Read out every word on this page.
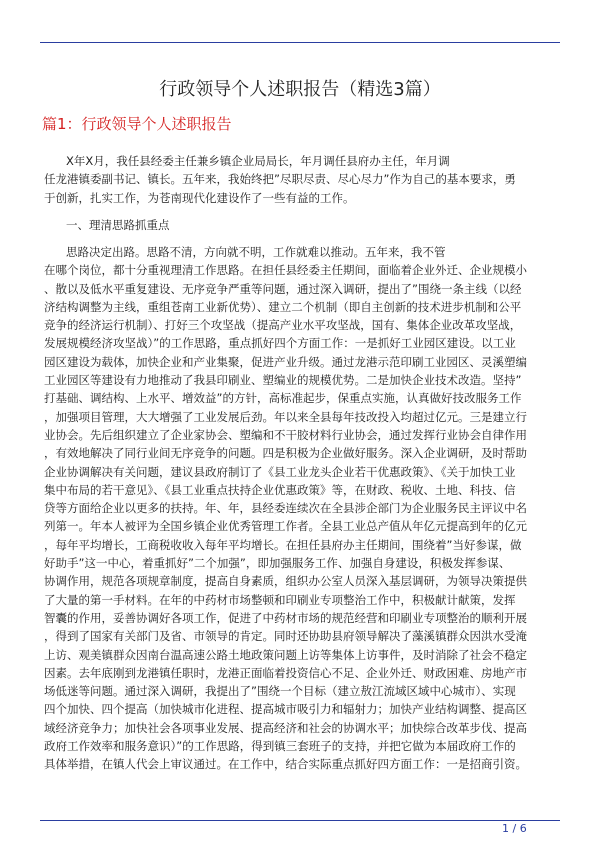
行政领导个人述职报告（精选3篇）
篇1：行政领导个人述职报告
X年X月，我任县经委主任兼乡镇企业局局长，年月调任县府办主任，年月调
任龙港镇委副书记、镇长。五年来，我始终把”尽职尽责、尽心尽力”作为自己的基本要求，勇
于创新，扎实工作，为苍南现代化建设作了一些有益的工作。
一、理清思路抓重点
思路决定出路。思路不清，方向就不明，工作就难以推动。五年来，我不管
在哪个岗位，都十分重视理清工作思路。在担任县经委主任期间，面临着企业外迁、企业规模小
、散以及低水平重复建设、无序竞争严重等问题，通过深入调研，提出了”围绕一条主线（以经
济结构调整为主线，重组苍南工业新优势）、建立二个机制（即自主创新的技术进步机制和公平
竞争的经济运行机制）、打好三个攻坚战（提高产业水平攻坚战，国有、集体企业改革攻坚战，
发展规模经济攻坚战）”的工作思路，重点抓好四个方面工作：一是抓好工业园区建设。以工业
园区建设为载体，加快企业和产业集聚，促进产业升级。通过龙港示范印刷工业园区、灵溪塑编
工业园区等建设有力地推动了我县印刷业、塑编业的规模优势。二是加快企业技术改造。坚持”
打基础、调结构、上水平、增效益”的方针，高标准起步，保重点实施，认真做好技改服务工作
，加强项目管理，大大增强了工业发展后劲。年以来全县每年技改投入均超过亿元。三是建立行
业协会。先后组织建立了企业家协会、塑编和不干胶材料行业协会，通过发挥行业协会自律作用
，有效地解决了同行业间无序竞争的问题。四是积极为企业做好服务。深入企业调研，及时帮助
企业协调解决有关问题，建议县政府制订了《县工业龙头企业若干优惠政策》、《关于加快工业
集中布局的若干意见》、《县工业重点扶持企业优惠政策》等，在财政、税收、土地、科技、信
贷等方面给企业以更多的扶持。年、年，县经委连续次在全县涉企部门为企业服务民主评议中名
列第一。年本人被评为全国乡镇企业优秀管理工作者。全县工业总产值从年亿元提高到年的亿元
，每年平均增长，工商税收收入每年平均增长。在担任县府办主任期间，围绕着”当好参谋，做
好助手”这一中心，着重抓好”二个加强”，即加强服务工作、加强自身建设，积极发挥参谋、
协调作用，规范各项规章制度，提高自身素质，组织办公室人员深入基层调研，为领导决策提供
了大量的第一手材料。在年的中药材市场整顿和印刷业专项整治工作中，积极献计献策，发挥
智囊的作用，妥善协调好各项工作，促进了中药材市场的规范经营和印刷业专项整治的顺利开展
，得到了国家有关部门及省、市领导的肯定。同时还协助县府领导解决了藻溪镇群众因洪水受淹
上访、观美镇群众因南台温高速公路土地政策问题上访等集体上访事件，及时消除了社会不稳定
因素。去年底刚到龙港镇任职时，龙港正面临着投资信心不足、企业外迁、财政困难、房地产市
场低迷等问题。通过深入调研，我提出了”围绕一个目标（建立敖江流域区域中心城市）、实现
四个加快、四个提高（加快城市化进程、提高城市吸引力和辐射力；加快产业结构调整、提高区
域经济竞争力；加快社会各项事业发展、提高经济和社会的协调水平；加快综合改革步伐、提高
政府工作效率和服务意识）”的工作思路，得到镇三套班子的支持，并把它做为本届政府工作的
具体举措，在镇人代会上审议通过。在工作中，结合实际重点抓好四方面工作：一是招商引资。
1 / 6
